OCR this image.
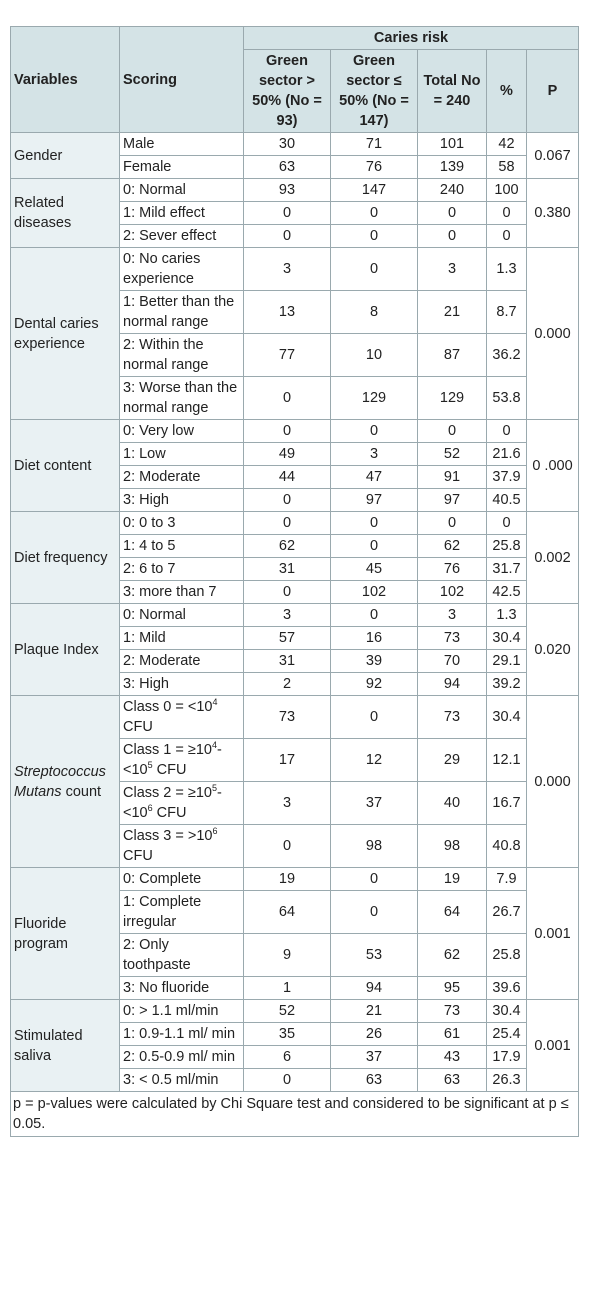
Variables	Scoring	Caries risk				
		Green sector > 50% (No = 93)	Green sector ≤ 50% (No = 147)	Total No = 240	%	P
Gender	Male	30	71	101	42	0.067
	Female	63	76	139	58	
Related diseases	0: Normal	93	147	240	100	0.380
	1: Mild effect	0	0	0	0	
	2: Sever effect	0	0	0	0	
Dental caries experience	0: No caries experience	3	0	3	1.3	0.000
	1: Better than the normal range	13	8	21	8.7	
	2: Within the normal range	77	10	87	36.2	
	3: Worse than the normal range	0	129	129	53.8	
Diet content	0: Very low	0	0	0	0	0 .000
	1: Low	49	3	52	21.6	
	2: Moderate	44	47	91	37.9	
	3: High	0	97	97	40.5	
Diet frequency	0: 0 to 3	0	0	0	0	0.002
	1: 4 to 5	62	0	62	25.8	
	2: 6 to 7	31	45	76	31.7	
	3: more than 7	0	102	102	42.5	
Plaque Index	0: Normal	3	0	3	1.3	0.020
	1: Mild	57	16	73	30.4	
	2: Moderate	31	39	70	29.1	
	3: High	2	92	94	39.2	
Streptococcus Mutans count	Class $0 = <10^4$ CFU	73	0	73	30.4	0.000
	Class $1 = \ge 10^4- <10^5$ CFU	17	12	29	12.1	
	Class $2 = \ge 10^5- <10^6$ CFU	3	37	40	16.7	
	Class $3 = >10^6$ CFU	0	98	98	40.8	
Fluoride program	0: Complete	19	0	19	7.9	0.001
	1: Complete irregular	64	0	64	26.7	
	2: Only toothpaste	9	53	62	25.8	
	3: No fluoride	1	94	95	39.6	
Stimulated saliva	0: > 1.1 ml/min	52	21	73	30.4	0.001
	1: 0.9-1.1 ml/ min	35	26	61	25.4	
	2: 0.5-0.9 ml/ min	6	37	43	17.9	
	3: < 0.5 ml/min	0	63	63	26.3	
p = p-values were calculated by Chi Square test and considered to be significant at p ≤ 0.05.						
